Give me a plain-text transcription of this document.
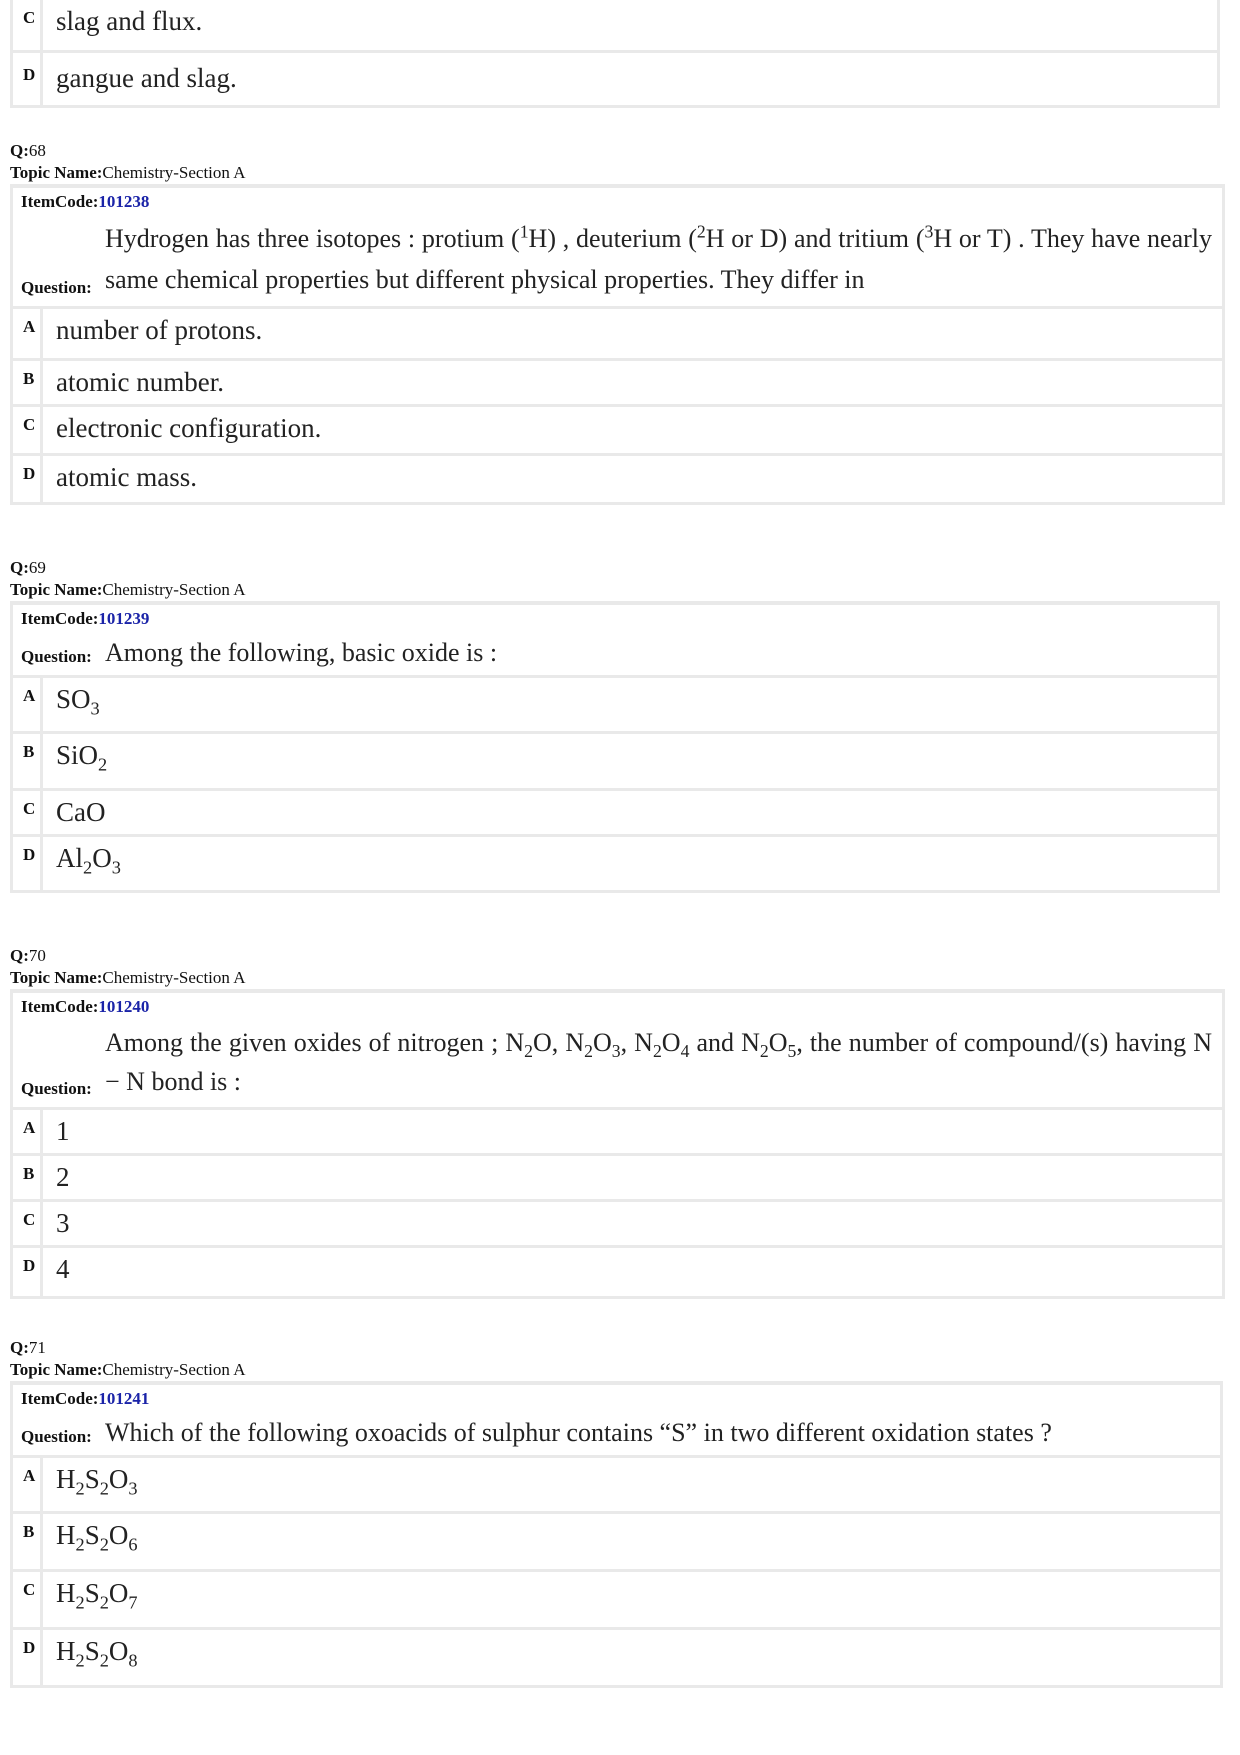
C slag and flux.
D gangue and slag.
Q:68
Topic Name:Chemistry-Section A
ItemCode:101238
Question:
Hydrogen has three isotopes : protium ($^1$H) , deuterium ($^2$H or D) and tritium ($^3$H or T) . They have nearly same chemical properties but different physical properties. They differ in
A number of protons.
B atomic number.
C electronic configuration.
D atomic mass.
Q:69
Topic Name:Chemistry-Section A
ItemCode:101239
Question: Among the following, basic oxide is :
A $SO_3$
B SiO$_2$
C CaO
D $Al_2O_3$
Q:70
Topic Name:Chemistry-Section A
ItemCode:101240
Question:
Among the given oxides of nitrogen ; $N_2O$, $N_2O_3$, $N_2O_4$ and $N_2O_5$, the number of compound/(s) having N − N bond is :
A 1
B 2
C 3
D 4
Q:71
Topic Name:Chemistry-Section A
ItemCode:101241
Question: Which of the following oxoacids of sulphur contains “S” in two different oxidation states ?
A $H_2S_2O_3$
B $H_2S_2O_6$
C $H_2S_2O_7$
D $H_2S_2O_8$
